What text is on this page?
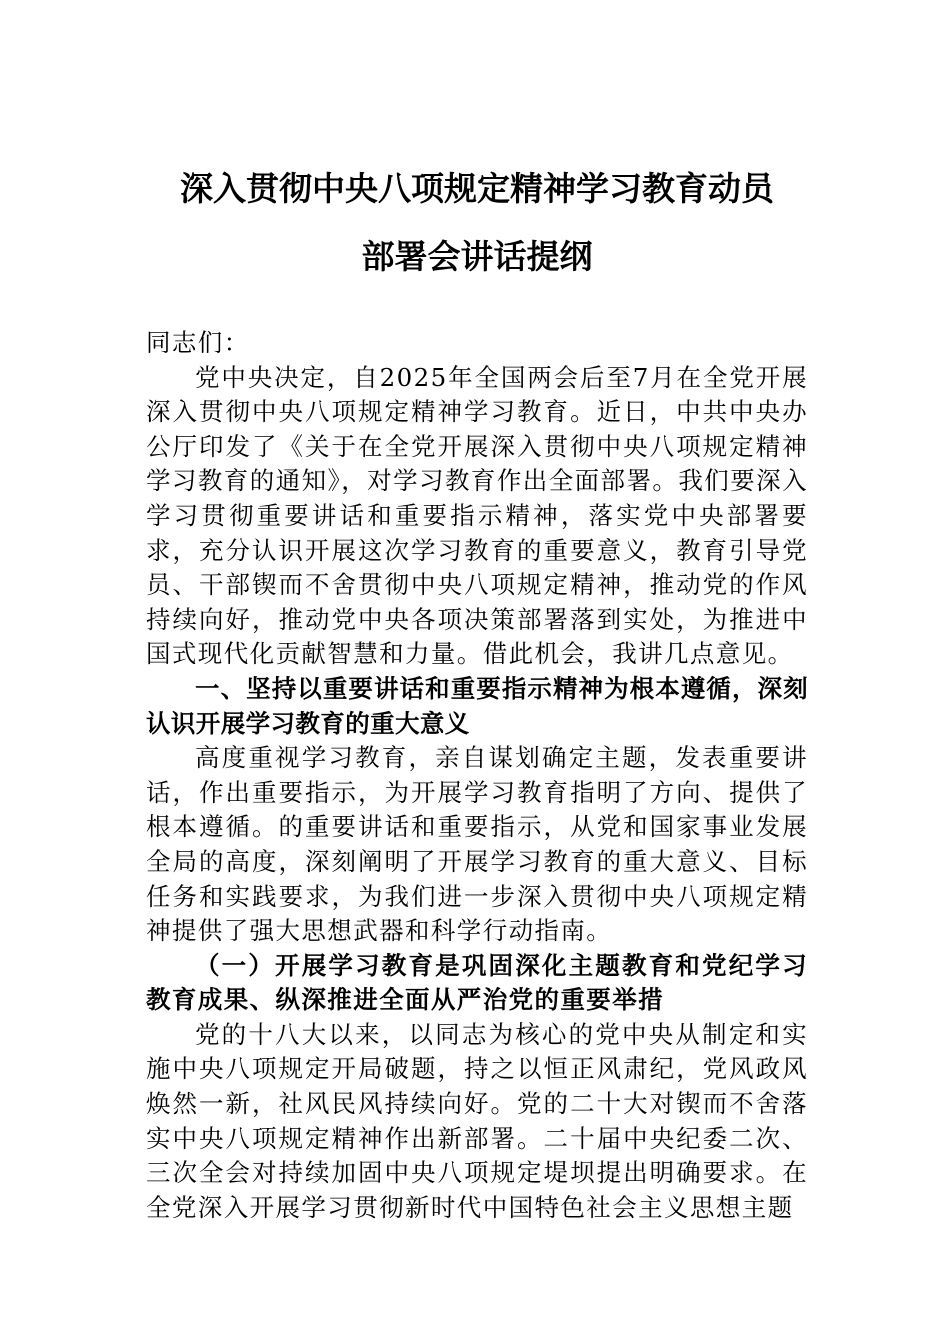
深入贯彻中央八项规定精神学习教育动员
部署会讲话提纲

同志们：

党中央决定，自2025年全国两会后至7月在全党开展深入贯彻中央八项规定精神学习教育。近日，中共中央办公厅印发了《关于在全党开展深入贯彻中央八项规定精神学习教育的通知》，对学习教育作出全面部署。我们要深入学习贯彻重要讲话和重要指示精神，落实党中央部署要求，充分认识开展这次学习教育的重要意义，教育引导党员、干部锲而不舍贯彻中央八项规定精神，推动党的作风持续向好，推动党中央各项决策部署落到实处，为推进中国式现代化贡献智慧和力量。借此机会，我讲几点意见。

一、坚持以重要讲话和重要指示精神为根本遵循，深刻认识开展学习教育的重大意义

高度重视学习教育，亲自谋划确定主题，发表重要讲话，作出重要指示，为开展学习教育指明了方向、提供了根本遵循。的重要讲话和重要指示，从党和国家事业发展全局的高度，深刻阐明了开展学习教育的重大意义、目标任务和实践要求，为我们进一步深入贯彻中央八项规定精神提供了强大思想武器和科学行动指南。

（一）开展学习教育是巩固深化主题教育和党纪学习教育成果、纵深推进全面从严治党的重要举措

党的十八大以来，以同志为核心的党中央从制定和实施中央八项规定开局破题，持之以恒正风肃纪，党风政风焕然一新，社风民风持续向好。党的二十大对锲而不舍落实中央八项规定精神作出新部署。二十届中央纪委二次、三次全会对持续加固中央八项规定堤坝提出明确要求。在全党深入开展学习贯彻新时代中国特色社会主义思想主题
